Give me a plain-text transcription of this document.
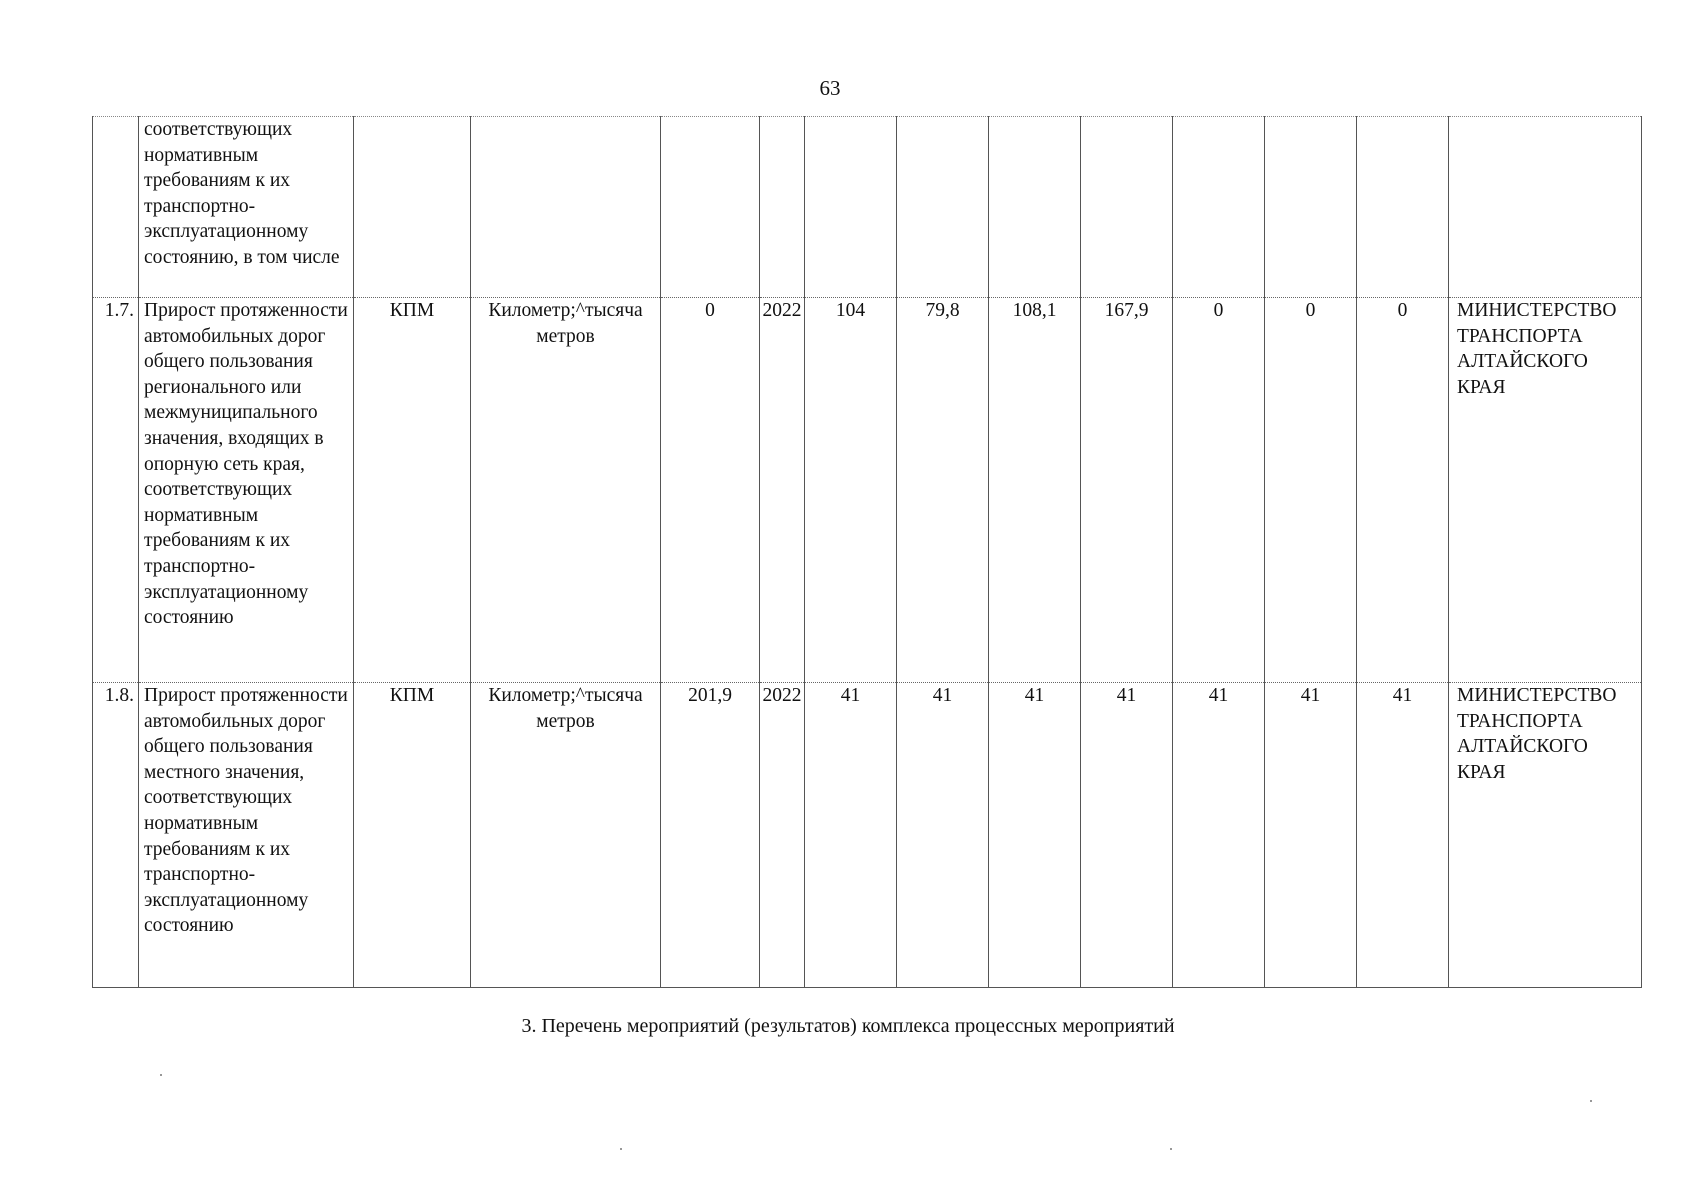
63
	соответствующих нормативным требованиям к их транспортно-эксплуатационному состоянию, в том числе												
1.7.	Прирост протяженности автомобильных дорог общего пользования регионального или межмуниципального значения, входящих в опорную сеть края, соответствующих нормативным требованиям к их транспортно-эксплуатационному состоянию	КПМ	Километр;^тысяча метров	0	2022	104	79,8	108,1	167,9	0	0	0	МИНИСТЕРСТВО ТРАНСПОРТА АЛТАЙСКОГО КРАЯ
1.8.	Прирост протяженности автомобильных дорог общего пользования местного значения, соответствующих нормативным требованиям к их транспортно-эксплуатационному состоянию	КПМ	Километр;^тысяча метров	201,9	2022	41	41	41	41	41	41	41	МИНИСТЕРСТВО ТРАНСПОРТА АЛТАЙСКОГО КРАЯ
3. Перечень мероприятий (результатов) комплекса процессных мероприятий
